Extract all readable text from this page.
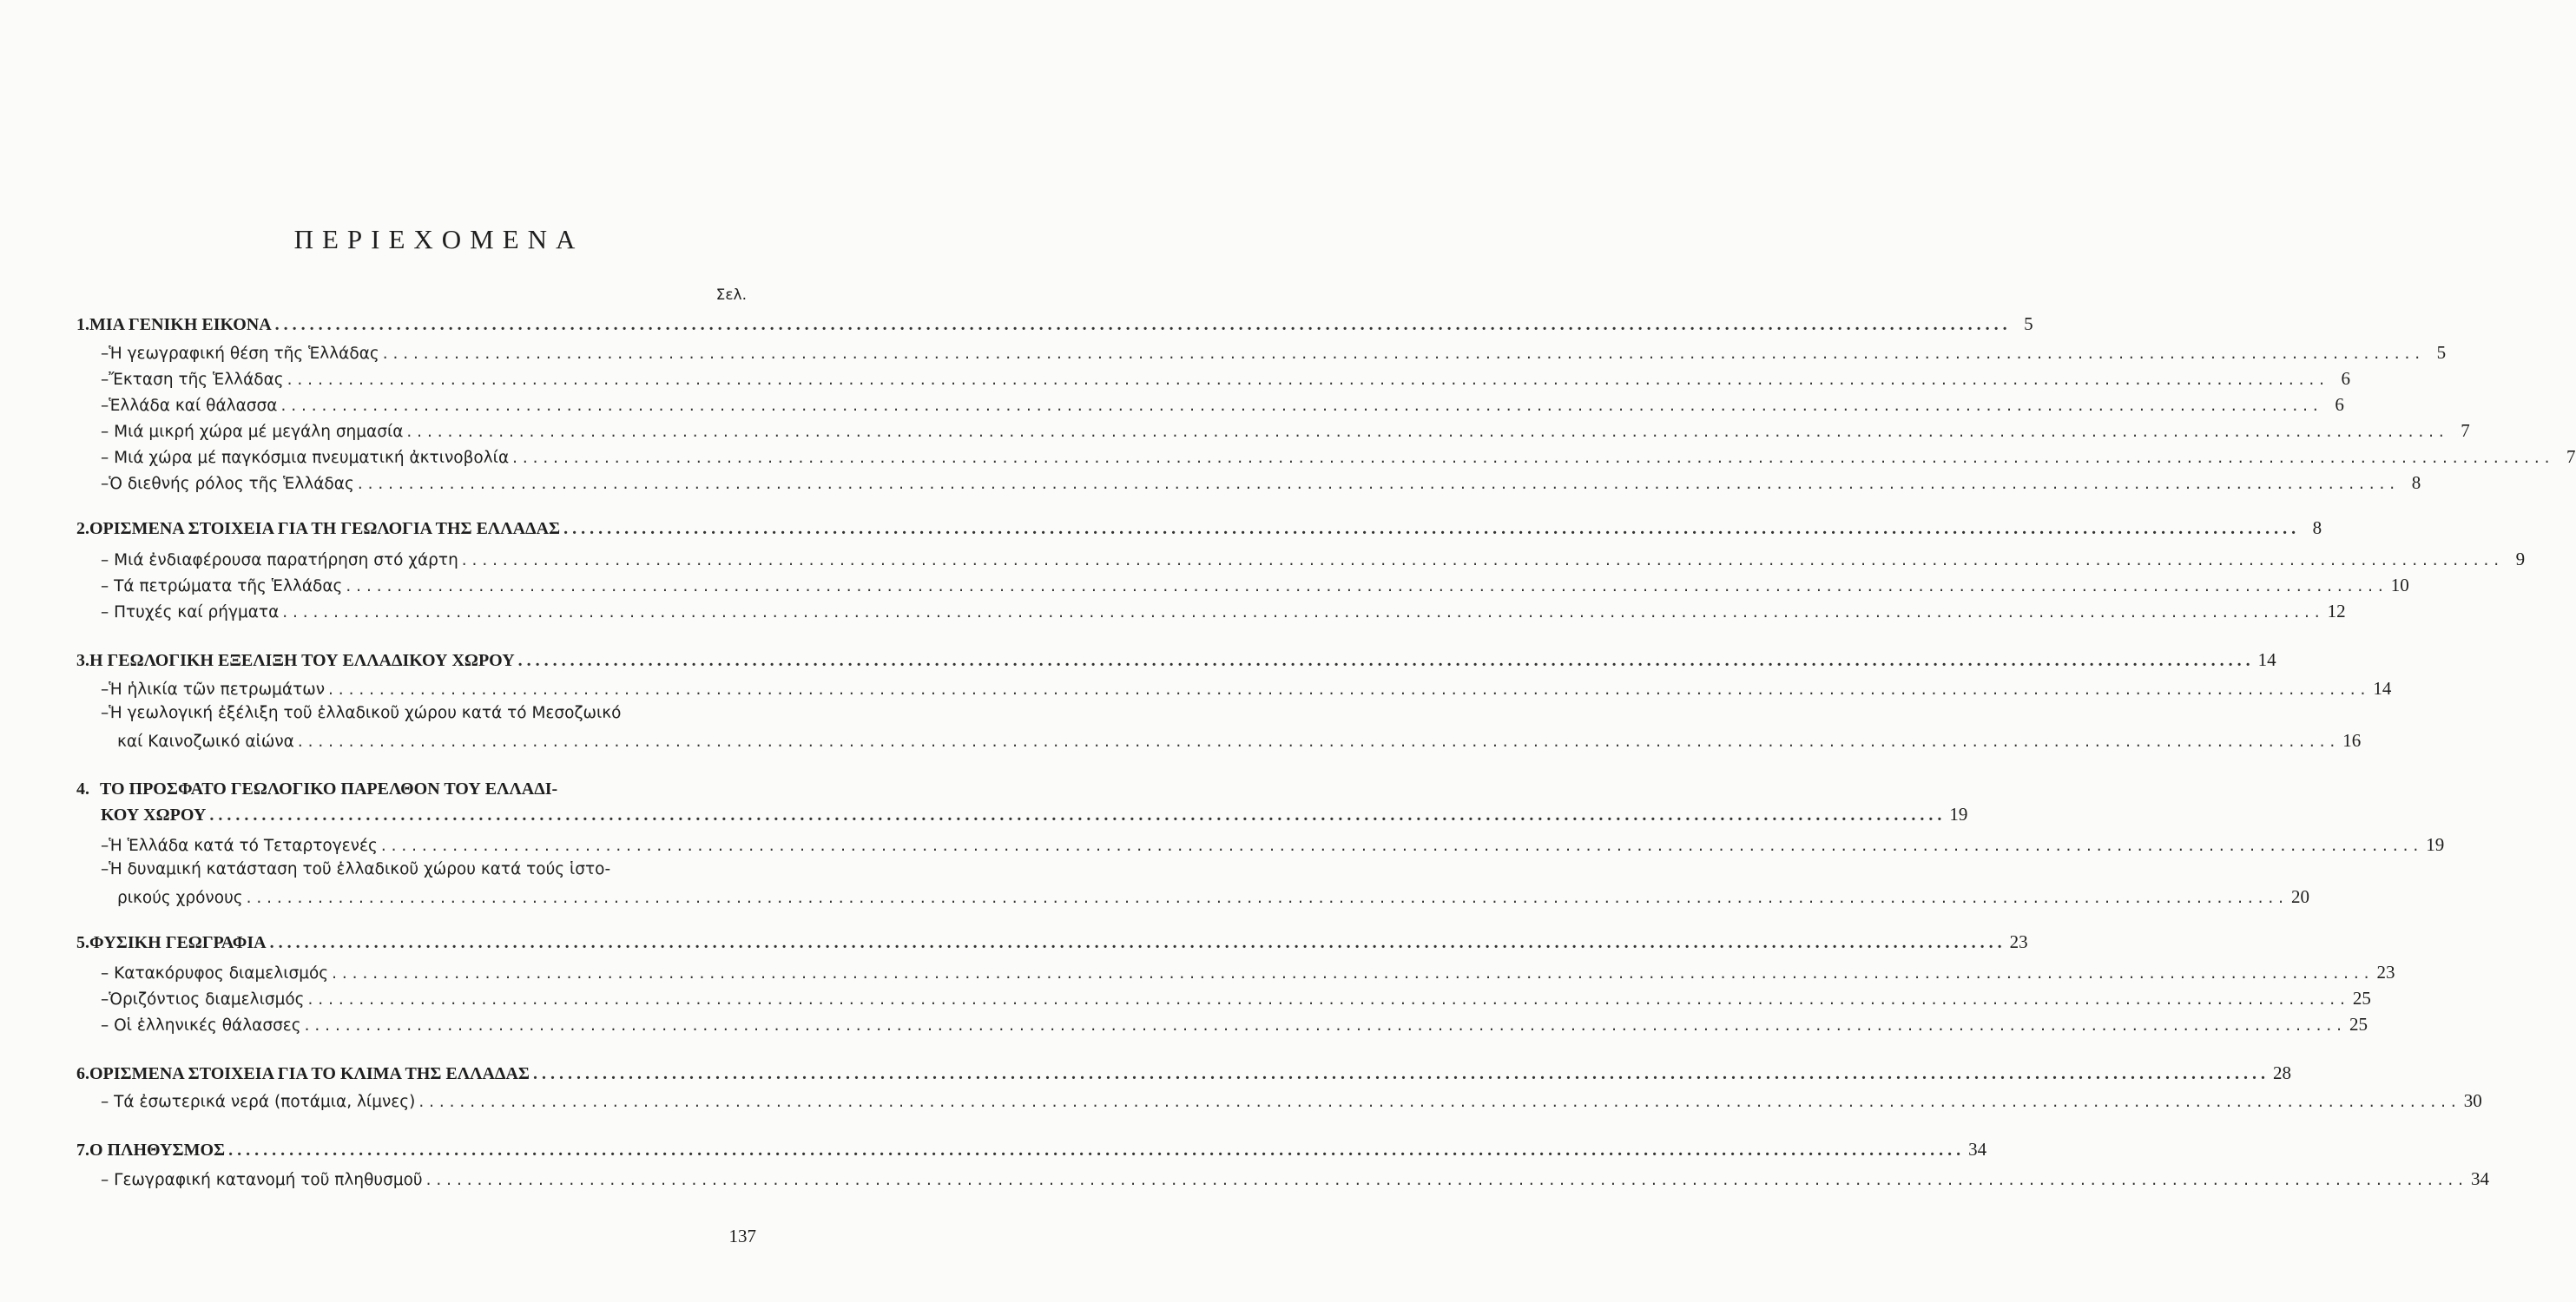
ΠΕΡΙΕΧΟΜΕΝΑ
Σελ.
1. ΜΙΑ ΓΕΝΙΚΗ ΕΙΚΟΝΑ . . . . . . . . . . . . . . . . . . . . . . . . . . . . . . . . . . . . . . . . . . . . . . . . . . . . . . . . . . . . . . . . . . . . . . . . . . . . . . . . . . . . . . . . . . . . . . . . . . . . . . . . . . . . . . . . . . . . . . . . . . . . . . . . . . . . . . . . . . . . . . . . . . . . . . . . . . . . . . . . . . . . . . . . . . . . . . . . . . . . . . . . . . . . . . . . . . . . . . . . 5
–Ἡ γεωγραφική θέση τῆς Ἑλλάδας . . . . . . . . . . . . . . . . . . . . . . . . . . . . . . . . . . . . . . . . . . . . . . . . . . . . . . . . . . . . . . . . . . . . . . . . . . . . . . . . . . . . . . . . . . . . . . . . . . . . . . . . . . . . . . . . . . . . . . . . . . . . . . . . . . . . . . . . . . . . . . . . . . . . . . . . . . . . . . . . . . . . . . . . . . . . . . . . . . . . . . . . . . . . . . . . . . . . . . . . 5
–Ἔκταση τῆς Ἑλλάδας . . . . . . . . . . . . . . . . . . . . . . . . . . . . . . . . . . . . . . . . . . . . . . . . . . . . . . . . . . . . . . . . . . . . . . . . . . . . . . . . . . . . . . . . . . . . . . . . . . . . . . . . . . . . . . . . . . . . . . . . . . . . . . . . . . . . . . . . . . . . . . . . . . . . . . . . . . . . . . . . . . . . . . . . . . . . . . . . . . . . . . . . . . . . . . . . . . . . . . . . 6
–Ἑλλάδα καί θάλασσα . . . . . . . . . . . . . . . . . . . . . . . . . . . . . . . . . . . . . . . . . . . . . . . . . . . . . . . . . . . . . . . . . . . . . . . . . . . . . . . . . . . . . . . . . . . . . . . . . . . . . . . . . . . . . . . . . . . . . . . . . . . . . . . . . . . . . . . . . . . . . . . . . . . . . . . . . . . . . . . . . . . . . . . . . . . . . . . . . . . . . . . . . . . . . . . . . . . . . . . . 6
– Μιά μικρή χώρα μέ μεγάλη σημασία . . . . . . . . . . . . . . . . . . . . . . . . . . . . . . . . . . . . . . . . . . . . . . . . . . . . . . . . . . . . . . . . . . . . . . . . . . . . . . . . . . . . . . . . . . . . . . . . . . . . . . . . . . . . . . . . . . . . . . . . . . . . . . . . . . . . . . . . . . . . . . . . . . . . . . . . . . . . . . . . . . . . . . . . . . . . . . . . . . . . . . . . . . . . . . . . . . . . . . . . 7
– Μιά χώρα μέ παγκόσμια πνευματική ἀκτινοβολία . . . . . . . . . . . . . . . . . . . . . . . . . . . . . . . . . . . . . . . . . . . . . . . . . . . . . . . . . . . . . . . . . . . . . . . . . . . . . . . . . . . . . . . . . . . . . . . . . . . . . . . . . . . . . . . . . . . . . . . . . . . . . . . . . . . . . . . . . . . . . . . . . . . . . . . . . . . . . . . . . . . . . . . . . . . . . . . . . . . . . . . . . . . . . . . . . . . . . . . . 7
–Ὁ διεθνής ρόλος τῆς Ἑλλάδας . . . . . . . . . . . . . . . . . . . . . . . . . . . . . . . . . . . . . . . . . . . . . . . . . . . . . . . . . . . . . . . . . . . . . . . . . . . . . . . . . . . . . . . . . . . . . . . . . . . . . . . . . . . . . . . . . . . . . . . . . . . . . . . . . . . . . . . . . . . . . . . . . . . . . . . . . . . . . . . . . . . . . . . . . . . . . . . . . . . . . . . . . . . . . . . . . . . . . . . . 8
2. ΟΡΙΣΜΕΝΑ ΣΤΟΙΧΕΙΑ ΓΙΑ ΤΗ ΓΕΩΛΟΓΙΑ ΤΗΣ ΕΛΛΑΔΑΣ . . . . . . . . . . . . . . . . . . . . . . . . . . . . . . . . . . . . . . . . . . . . . . . . . . . . . . . . . . . . . . . . . . . . . . . . . . . . . . . . . . . . . . . . . . . . . . . . . . . . . . . . . . . . . . . . . . . . . . . . . . . . . . . . . . . . . . . . . . . . . . . . . . . . . . . . . . . . . . . . . . . . . . . . . . . . . . . . . . . . . . . . . . . . . . . . . . . . . . . . 8
– Μιά ἐνδιαφέρουσα παρατήρηση στό χάρτη . . . . . . . . . . . . . . . . . . . . . . . . . . . . . . . . . . . . . . . . . . . . . . . . . . . . . . . . . . . . . . . . . . . . . . . . . . . . . . . . . . . . . . . . . . . . . . . . . . . . . . . . . . . . . . . . . . . . . . . . . . . . . . . . . . . . . . . . . . . . . . . . . . . . . . . . . . . . . . . . . . . . . . . . . . . . . . . . . . . . . . . . . . . . . . . . . . . . . . . . 9
– Τά πετρώματα τῆς Ἑλλάδας . . . . . . . . . . . . . . . . . . . . . . . . . . . . . . . . . . . . . . . . . . . . . . . . . . . . . . . . . . . . . . . . . . . . . . . . . . . . . . . . . . . . . . . . . . . . . . . . . . . . . . . . . . . . . . . . . . . . . . . . . . . . . . . . . . . . . . . . . . . . . . . . . . . . . . . . . . . . . . . . . . . . . . . . . . . . . . . . . . . . . . . . . . . . . . . . . . . . . . . . 10
– Πτυχές καί ρήγματα . . . . . . . . . . . . . . . . . . . . . . . . . . . . . . . . . . . . . . . . . . . . . . . . . . . . . . . . . . . . . . . . . . . . . . . . . . . . . . . . . . . . . . . . . . . . . . . . . . . . . . . . . . . . . . . . . . . . . . . . . . . . . . . . . . . . . . . . . . . . . . . . . . . . . . . . . . . . . . . . . . . . . . . . . . . . . . . . . . . . . . . . . . . . . . . . . . . . . . . . 12
3. Η ΓΕΩΛΟΓΙΚΗ ΕΞΕΛΙΞΗ ΤΟΥ ΕΛΛΑΔΙΚΟΥ ΧΩΡΟΥ . . . . . . . . . . . . . . . . . . . . . . . . . . . . . . . . . . . . . . . . . . . . . . . . . . . . . . . . . . . . . . . . . . . . . . . . . . . . . . . . . . . . . . . . . . . . . . . . . . . . . . . . . . . . . . . . . . . . . . . . . . . . . . . . . . . . . . . . . . . . . . . . . . . . . . . . . . . . . . . . . . . . . . . . . . . . . . . . . . . . . . . . . . . . . . . . . . . . . . . . 14
–Ἡ ἡλικία τῶν πετρωμάτων . . . . . . . . . . . . . . . . . . . . . . . . . . . . . . . . . . . . . . . . . . . . . . . . . . . . . . . . . . . . . . . . . . . . . . . . . . . . . . . . . . . . . . . . . . . . . . . . . . . . . . . . . . . . . . . . . . . . . . . . . . . . . . . . . . . . . . . . . . . . . . . . . . . . . . . . . . . . . . . . . . . . . . . . . . . . . . . . . . . . . . . . . . . . . . . . . . . . . . . . 14
–Ἡ γεωλογική ἐξέλιξη τοῦ ἑλλαδικοῦ χώρου κατά τό Μεσοζωικό
καί Καινοζωικό αἰώνα . . . . . . . . . . . . . . . . . . . . . . . . . . . . . . . . . . . . . . . . . . . . . . . . . . . . . . . . . . . . . . . . . . . . . . . . . . . . . . . . . . . . . . . . . . . . . . . . . . . . . . . . . . . . . . . . . . . . . . . . . . . . . . . . . . . . . . . . . . . . . . . . . . . . . . . . . . . . . . . . . . . . . . . . . . . . . . . . . . . . . . . . . . . . . . . . . . . . . . . . 16
4. ΤΟ ΠΡΟΣΦΑΤΟ ΓΕΩΛΟΓΙΚΟ ΠΑΡΕΛΘΟΝ ΤΟΥ ΕΛΛΑΔΙ-
ΚΟΥ ΧΩΡΟΥ . . . . . . . . . . . . . . . . . . . . . . . . . . . . . . . . . . . . . . . . . . . . . . . . . . . . . . . . . . . . . . . . . . . . . . . . . . . . . . . . . . . . . . . . . . . . . . . . . . . . . . . . . . . . . . . . . . . . . . . . . . . . . . . . . . . . . . . . . . . . . . . . . . . . . . . . . . . . . . . . . . . . . . . . . . . . . . . . . . . . . . . . . . . . . . . . . . . . . . . . 19
–Ἡ Ἑλλάδα κατά τό Τεταρτογενές . . . . . . . . . . . . . . . . . . . . . . . . . . . . . . . . . . . . . . . . . . . . . . . . . . . . . . . . . . . . . . . . . . . . . . . . . . . . . . . . . . . . . . . . . . . . . . . . . . . . . . . . . . . . . . . . . . . . . . . . . . . . . . . . . . . . . . . . . . . . . . . . . . . . . . . . . . . . . . . . . . . . . . . . . . . . . . . . . . . . . . . . . . . . . . . . . . . . . . . . 19
–Ἡ δυναμική κατάσταση τοῦ ἑλλαδικοῦ χώρου κατά τούς ἱστο-
ρικούς χρόνους . . . . . . . . . . . . . . . . . . . . . . . . . . . . . . . . . . . . . . . . . . . . . . . . . . . . . . . . . . . . . . . . . . . . . . . . . . . . . . . . . . . . . . . . . . . . . . . . . . . . . . . . . . . . . . . . . . . . . . . . . . . . . . . . . . . . . . . . . . . . . . . . . . . . . . . . . . . . . . . . . . . . . . . . . . . . . . . . . . . . . . . . . . . . . . . . . . . . . . . . 20
5. ΦΥΣΙΚΗ ΓΕΩΓΡΑΦΙΑ . . . . . . . . . . . . . . . . . . . . . . . . . . . . . . . . . . . . . . . . . . . . . . . . . . . . . . . . . . . . . . . . . . . . . . . . . . . . . . . . . . . . . . . . . . . . . . . . . . . . . . . . . . . . . . . . . . . . . . . . . . . . . . . . . . . . . . . . . . . . . . . . . . . . . . . . . . . . . . . . . . . . . . . . . . . . . . . . . . . . . . . . . . . . . . . . . . . . . . . . 23
– Κατακόρυφος διαμελισμός . . . . . . . . . . . . . . . . . . . . . . . . . . . . . . . . . . . . . . . . . . . . . . . . . . . . . . . . . . . . . . . . . . . . . . . . . . . . . . . . . . . . . . . . . . . . . . . . . . . . . . . . . . . . . . . . . . . . . . . . . . . . . . . . . . . . . . . . . . . . . . . . . . . . . . . . . . . . . . . . . . . . . . . . . . . . . . . . . . . . . . . . . . . . . . . . . . . . . . . . 23
–Ὁριζόντιος διαμελισμός . . . . . . . . . . . . . . . . . . . . . . . . . . . . . . . . . . . . . . . . . . . . . . . . . . . . . . . . . . . . . . . . . . . . . . . . . . . . . . . . . . . . . . . . . . . . . . . . . . . . . . . . . . . . . . . . . . . . . . . . . . . . . . . . . . . . . . . . . . . . . . . . . . . . . . . . . . . . . . . . . . . . . . . . . . . . . . . . . . . . . . . . . . . . . . . . . . . . . . . . 25
– Οἱ ἑλληνικές θάλασσες . . . . . . . . . . . . . . . . . . . . . . . . . . . . . . . . . . . . . . . . . . . . . . . . . . . . . . . . . . . . . . . . . . . . . . . . . . . . . . . . . . . . . . . . . . . . . . . . . . . . . . . . . . . . . . . . . . . . . . . . . . . . . . . . . . . . . . . . . . . . . . . . . . . . . . . . . . . . . . . . . . . . . . . . . . . . . . . . . . . . . . . . . . . . . . . . . . . . . . . . 25
6. ΟΡΙΣΜΕΝΑ ΣΤΟΙΧΕΙΑ ΓΙΑ ΤΟ ΚΛΙΜΑ ΤΗΣ ΕΛΛΑΔΑΣ . . . . . . . . . . . . . . . . . . . . . . . . . . . . . . . . . . . . . . . . . . . . . . . . . . . . . . . . . . . . . . . . . . . . . . . . . . . . . . . . . . . . . . . . . . . . . . . . . . . . . . . . . . . . . . . . . . . . . . . . . . . . . . . . . . . . . . . . . . . . . . . . . . . . . . . . . . . . . . . . . . . . . . . . . . . . . . . . . . . . . . . . . . . . . . . . . . . . . . . . 28
– Τά ἐσωτερικά νερά (ποτάμια, λίμνες) . . . . . . . . . . . . . . . . . . . . . . . . . . . . . . . . . . . . . . . . . . . . . . . . . . . . . . . . . . . . . . . . . . . . . . . . . . . . . . . . . . . . . . . . . . . . . . . . . . . . . . . . . . . . . . . . . . . . . . . . . . . . . . . . . . . . . . . . . . . . . . . . . . . . . . . . . . . . . . . . . . . . . . . . . . . . . . . . . . . . . . . . . . . . . . . . . . . . . . . . 30
7. Ο ΠΛΗΘΥΣΜΟΣ . . . . . . . . . . . . . . . . . . . . . . . . . . . . . . . . . . . . . . . . . . . . . . . . . . . . . . . . . . . . . . . . . . . . . . . . . . . . . . . . . . . . . . . . . . . . . . . . . . . . . . . . . . . . . . . . . . . . . . . . . . . . . . . . . . . . . . . . . . . . . . . . . . . . . . . . . . . . . . . . . . . . . . . . . . . . . . . . . . . . . . . . . . . . . . . . . . . . . . . . 34
– Γεωγραφική κατανομή τοῦ πληθυσμοῦ . . . . . . . . . . . . . . . . . . . . . . . . . . . . . . . . . . . . . . . . . . . . . . . . . . . . . . . . . . . . . . . . . . . . . . . . . . . . . . . . . . . . . . . . . . . . . . . . . . . . . . . . . . . . . . . . . . . . . . . . . . . . . . . . . . . . . . . . . . . . . . . . . . . . . . . . . . . . . . . . . . . . . . . . . . . . . . . . . . . . . . . . . . . . . . . . . . . . . . . . 34
137
